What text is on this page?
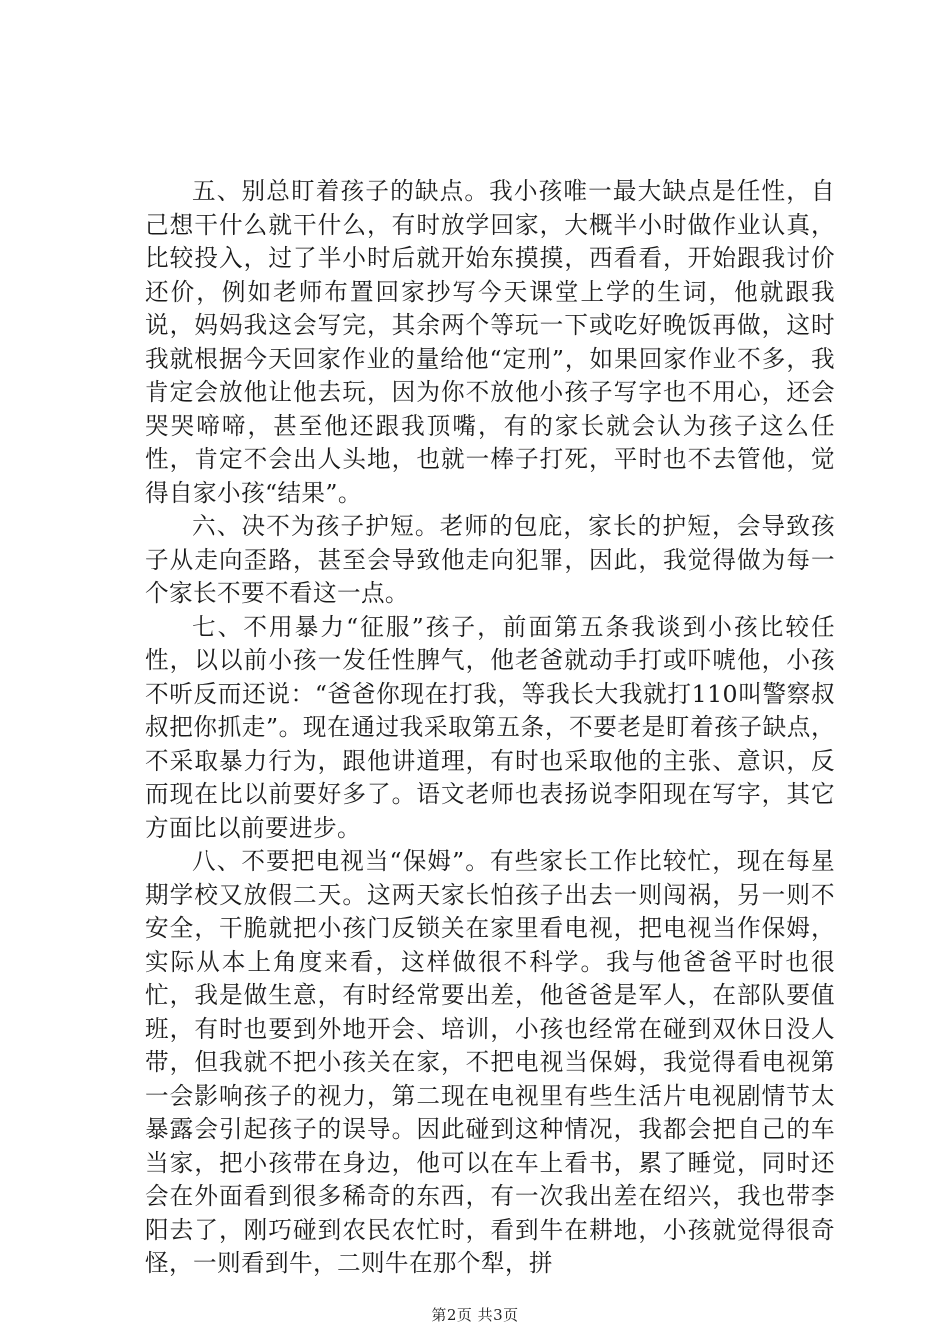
五、别总盯着孩子的缺点。我小孩唯一最大缺点是任性，自己想干什么就干什么，有时放学回家，大概半小时做作业认真，比较投入，过了半小时后就开始东摸摸，西看看，开始跟我讨价还价，例如老师布置回家抄写今天课堂上学的生词，他就跟我说，妈妈我这会写完，其余两个等玩一下或吃好晚饭再做，这时我就根据今天回家作业的量给他“定刑”，如果回家作业不多，我肯定会放他让他去玩，因为你不放他小孩子写字也不用心，还会哭哭啼啼，甚至他还跟我顶嘴，有的家长就会认为孩子这么任性，肯定不会出人头地，也就一棒子打死，平时也不去管他，觉得自家小孩“结果”。

六、决不为孩子护短。老师的包庇，家长的护短，会导致孩子从走向歪路，甚至会导致他走向犯罪，因此，我觉得做为每一个家长不要不看这一点。

七、不用暴力“征服”孩子，前面第五条我谈到小孩比较任性，以以前小孩一发任性脾气，他老爸就动手打或吓唬他，小孩不听反而还说：“爸爸你现在打我，等我长大我就打110叫警察叔叔把你抓走”。现在通过我采取第五条，不要老是盯着孩子缺点，不采取暴力行为，跟他讲道理，有时也采取他的主张、意识，反而现在比以前要好多了。语文老师也表扬说李阳现在写字，其它方面比以前要进步。

八、不要把电视当“保姆”。有些家长工作比较忙，现在每星期学校又放假二天。这两天家长怕孩子出去一则闯祸，另一则不安全，干脆就把小孩门反锁关在家里看电视，把电视当作保姆，实际从本上角度来看，这样做很不科学。我与他爸爸平时也很忙，我是做生意，有时经常要出差，他爸爸是军人，在部队要值班，有时也要到外地开会、培训，小孩也经常在碰到双休日没人带，但我就不把小孩关在家，不把电视当保姆，我觉得看电视第一会影响孩子的视力，第二现在电视里有些生活片电视剧情节太暴露会引起孩子的误导。因此碰到这种情况，我都会把自己的车当家，把小孩带在身边，他可以在车上看书，累了睡觉，同时还会在外面看到很多稀奇的东西，有一次我出差在绍兴，我也带李阳去了，刚巧碰到农民农忙时，看到牛在耕地，小孩就觉得很奇怪，一则看到牛，二则牛在那个犁，拼

第2页 共3页
